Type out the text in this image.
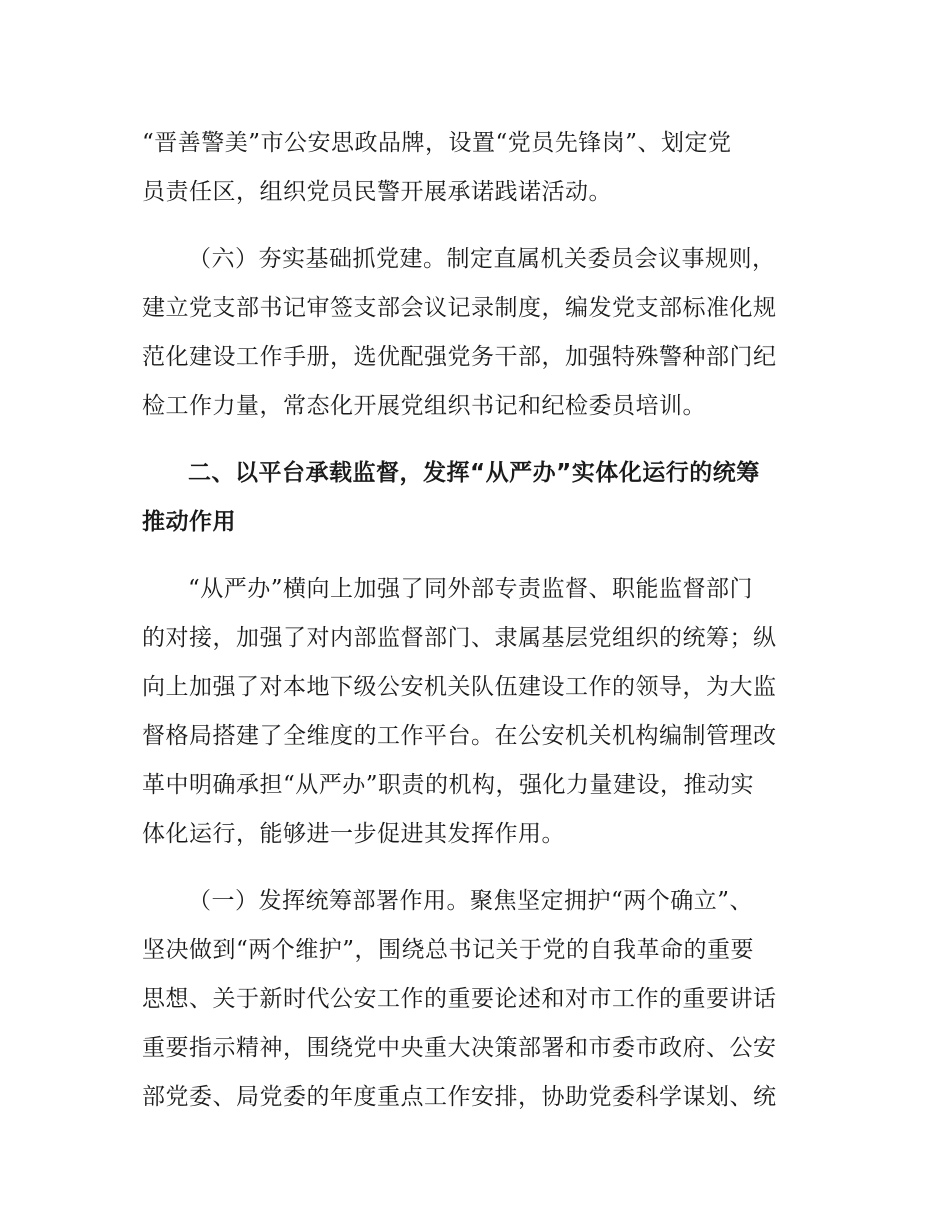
“晋善警美”市公安思政品牌，设置“党员先锋岗”、划定党
员责任区，组织党员民警开展承诺践诺活动。
（六）夯实基础抓党建。制定直属机关委员会议事规则，
建立党支部书记审签支部会议记录制度，编发党支部标准化规
范化建设工作手册，选优配强党务干部，加强特殊警种部门纪
检工作力量，常态化开展党组织书记和纪检委员培训。
二、以平台承载监督，发挥“从严办”实体化运行的统筹
推动作用
“从严办”横向上加强了同外部专责监督、职能监督部门
的对接，加强了对内部监督部门、隶属基层党组织的统筹；纵
向上加强了对本地下级公安机关队伍建设工作的领导，为大监
督格局搭建了全维度的工作平台。在公安机关机构编制管理改
革中明确承担“从严办”职责的机构，强化力量建设，推动实
体化运行，能够进一步促进其发挥作用。
（一）发挥统筹部署作用。聚焦坚定拥护“两个确立”、
坚决做到“两个维护”，围绕总书记关于党的自我革命的重要
思想、关于新时代公安工作的重要论述和对市工作的重要讲话
重要指示精神，围绕党中央重大决策部署和市委市政府、公安
部党委、局党委的年度重点工作安排，协助党委科学谋划、统
